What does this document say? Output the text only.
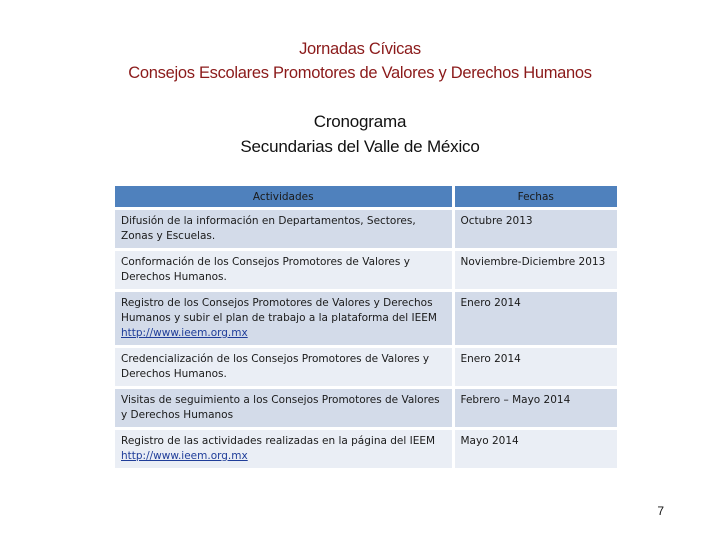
Jornadas Cívicas
Consejos Escolares Promotores de Valores y Derechos Humanos
Cronograma
Secundarias del Valle de México
Actividades	Fechas
Difusión de la información en Departamentos, Sectores, Zonas y Escuelas.	Octubre 2013
Conformación de los Consejos Promotores de Valores y Derechos Humanos.	Noviembre-Diciembre 2013
Registro de los Consejos Promotores de Valores y Derechos Humanos y subir el plan de trabajo a la plataforma del IEEM
http://www.ieem.org.mx	Enero 2014
Credencialización de los Consejos Promotores de Valores y Derechos Humanos.	Enero 2014
Visitas de seguimiento a los Consejos Promotores de Valores y Derechos Humanos	Febrero – Mayo 2014
Registro de las actividades realizadas en la página del IEEM
http://www.ieem.org.mx	Mayo 2014
7
